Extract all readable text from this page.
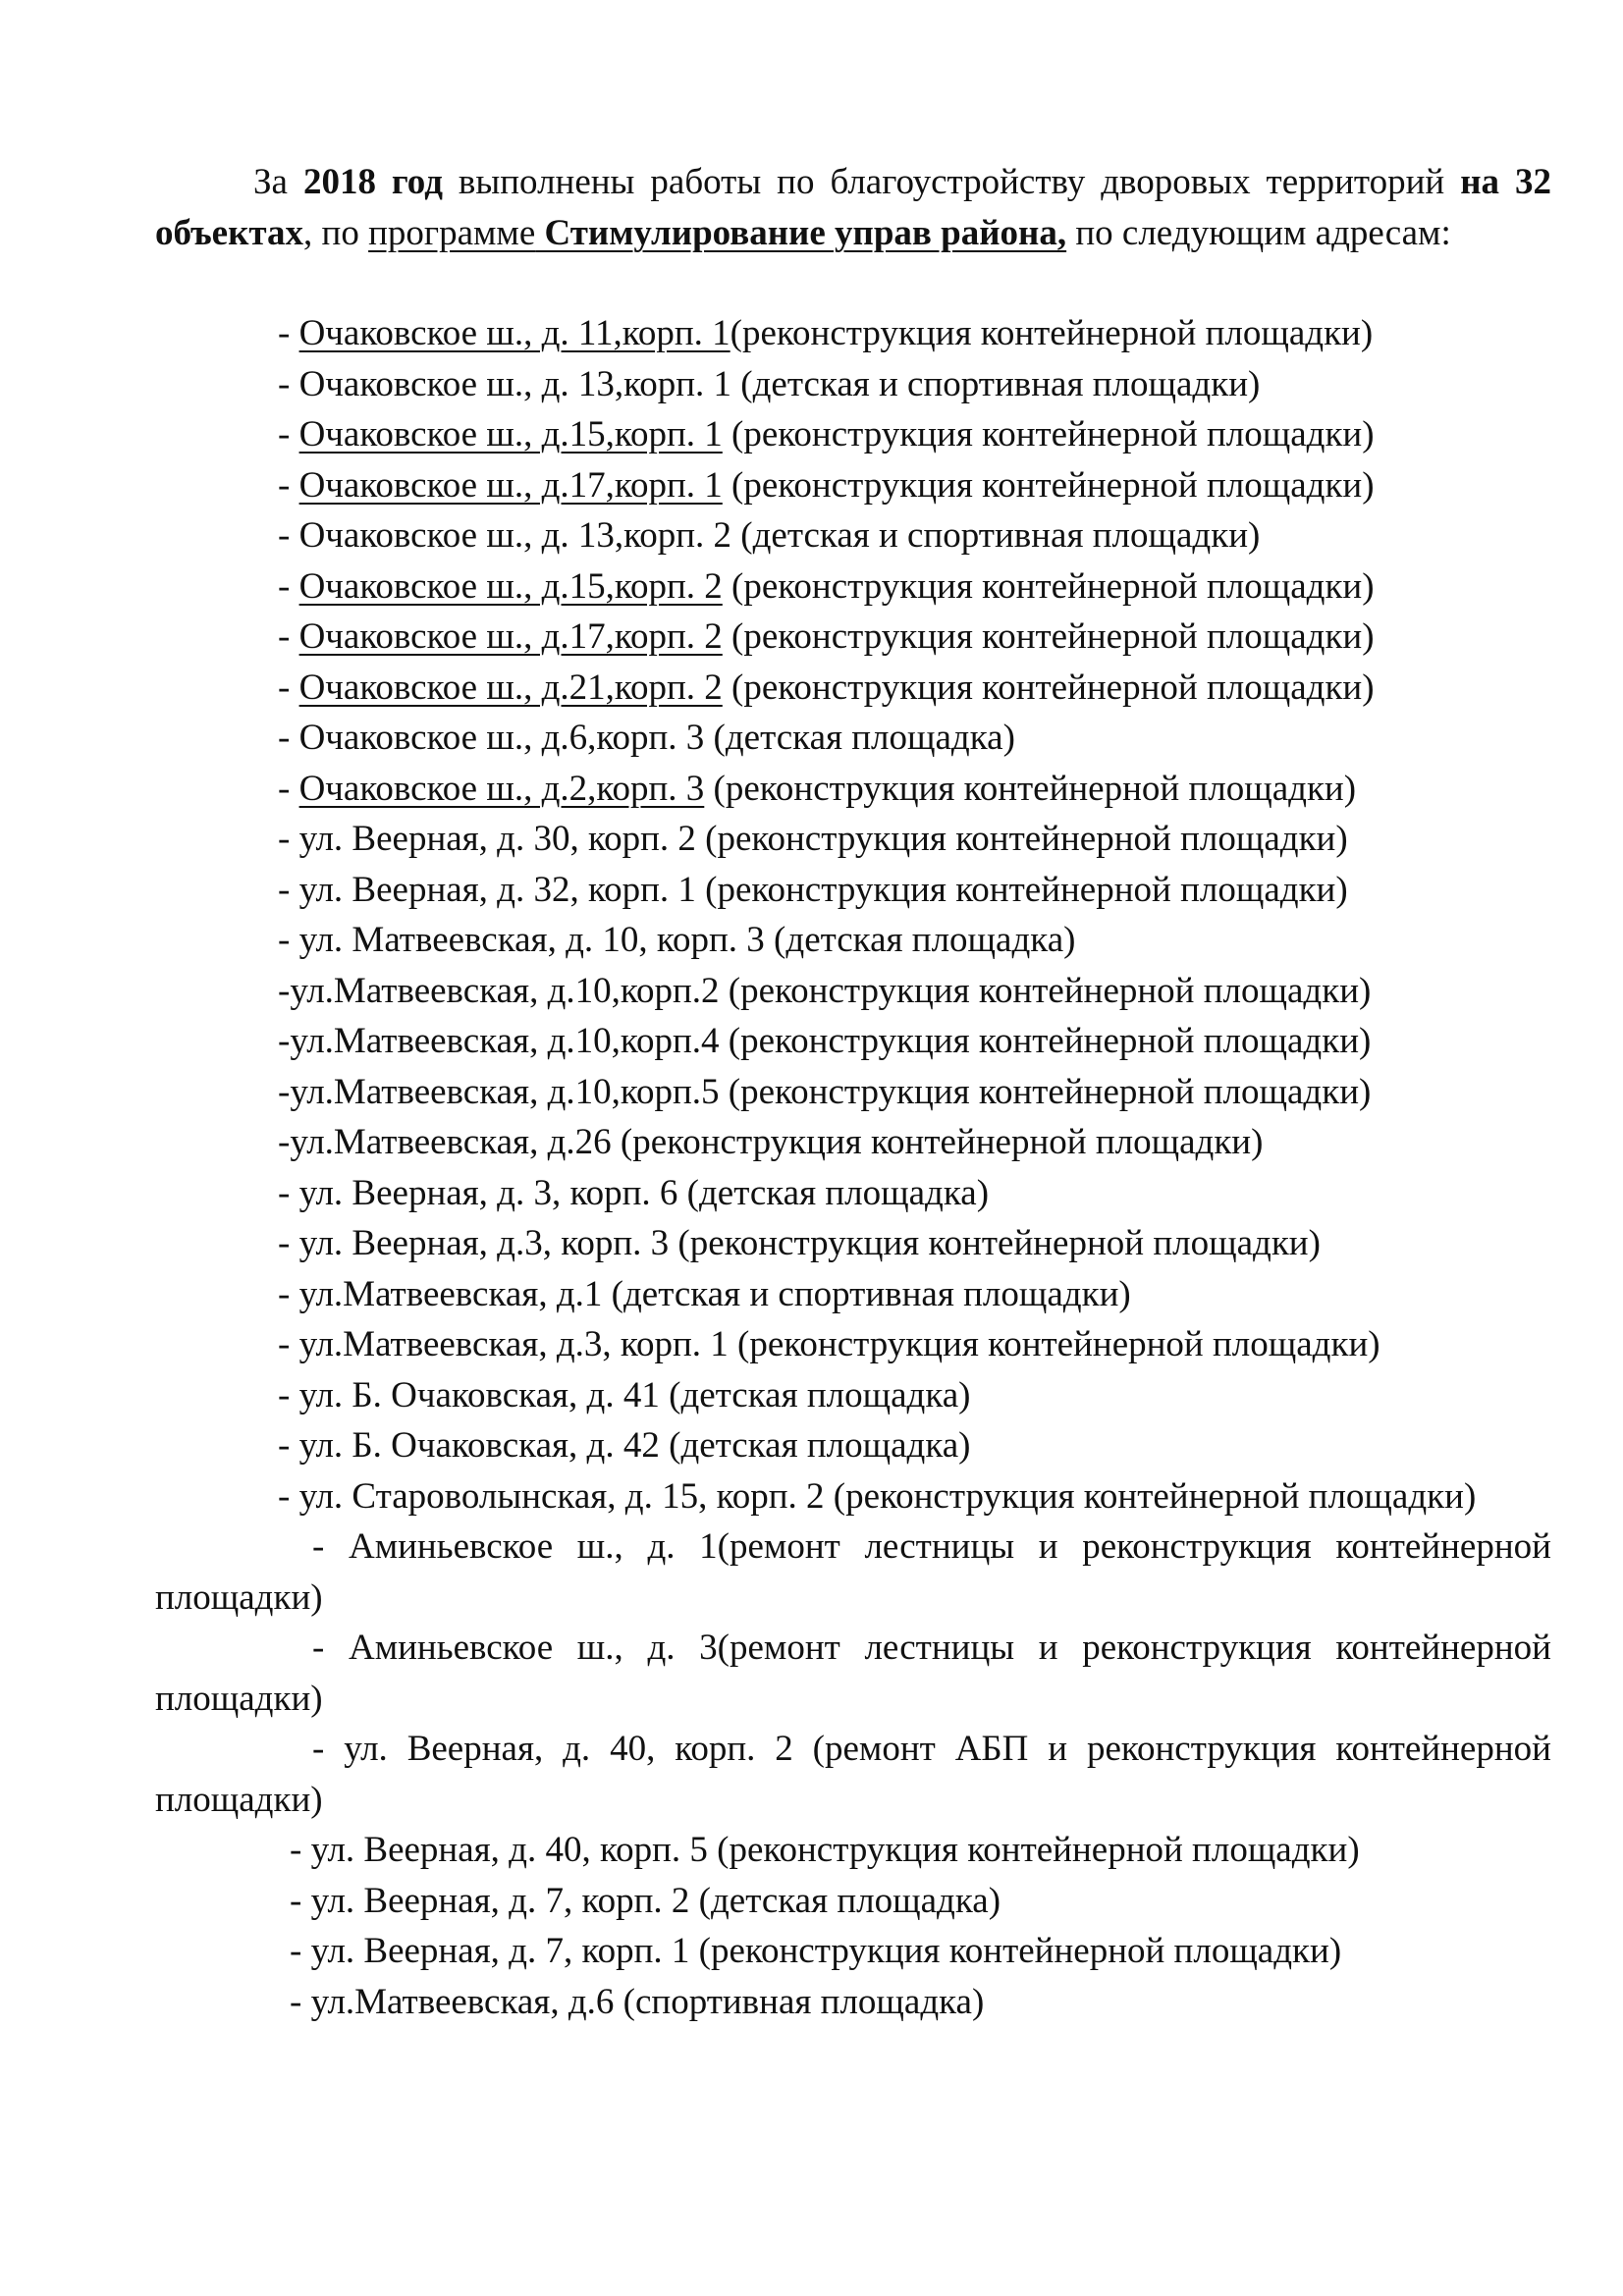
За 2018 год выполнены работы по благоустройству дворовых территорий на 32 объектах, по программе Стимулирование управ района, по следующим адресам:

- Очаковское ш., д. 11,корп. 1(реконструкция контейнерной площадки)
- Очаковское ш., д. 13,корп. 1 (детская и спортивная площадки)
- Очаковское ш., д.15,корп. 1 (реконструкция контейнерной площадки)
- Очаковское ш., д.17,корп. 1 (реконструкция контейнерной площадки)
- Очаковское ш., д. 13,корп. 2 (детская и спортивная площадки)
- Очаковское ш., д.15,корп. 2 (реконструкция контейнерной площадки)
- Очаковское ш., д.17,корп. 2 (реконструкция контейнерной площадки)
- Очаковское ш., д.21,корп. 2 (реконструкция контейнерной площадки)
- Очаковское ш., д.6,корп. 3 (детская площадка)
- Очаковское ш., д.2,корп. 3 (реконструкция контейнерной площадки)
- ул. Веерная, д. 30, корп. 2 (реконструкция контейнерной площадки)
- ул. Веерная, д. 32, корп. 1 (реконструкция контейнерной площадки)
- ул. Матвеевская, д. 10, корп. 3 (детская площадка)
-ул.Матвеевская, д.10,корп.2 (реконструкция контейнерной площадки)
-ул.Матвеевская, д.10,корп.4 (реконструкция контейнерной площадки)
-ул.Матвеевская, д.10,корп.5 (реконструкция контейнерной площадки)
-ул.Матвеевская, д.26 (реконструкция контейнерной площадки)
- ул. Веерная, д. 3, корп. 6 (детская площадка)
- ул. Веерная, д.3, корп. 3 (реконструкция контейнерной площадки)
- ул.Матвеевская, д.1 (детская и спортивная площадки)
- ул.Матвеевская, д.3, корп. 1 (реконструкция контейнерной площадки)
- ул. Б. Очаковская, д. 41 (детская площадка)
- ул. Б. Очаковская, д. 42 (детская площадка)
- ул. Староволынская, д. 15, корп. 2 (реконструкция контейнерной площадки)
- Аминьевское ш., д. 1(ремонт лестницы и реконструкция контейнерной
площадки)
- Аминьевское ш., д. 3(ремонт лестницы и реконструкция контейнерной
площадки)
- ул. Веерная, д. 40, корп. 2 (ремонт АБП и реконструкция контейнерной
площадки)
- ул. Веерная, д. 40, корп. 5 (реконструкция контейнерной площадки)
- ул. Веерная, д. 7, корп. 2 (детская площадка)
- ул. Веерная, д. 7, корп. 1 (реконструкция контейнерной площадки)
- ул.Матвеевская, д.6 (спортивная площадка)
